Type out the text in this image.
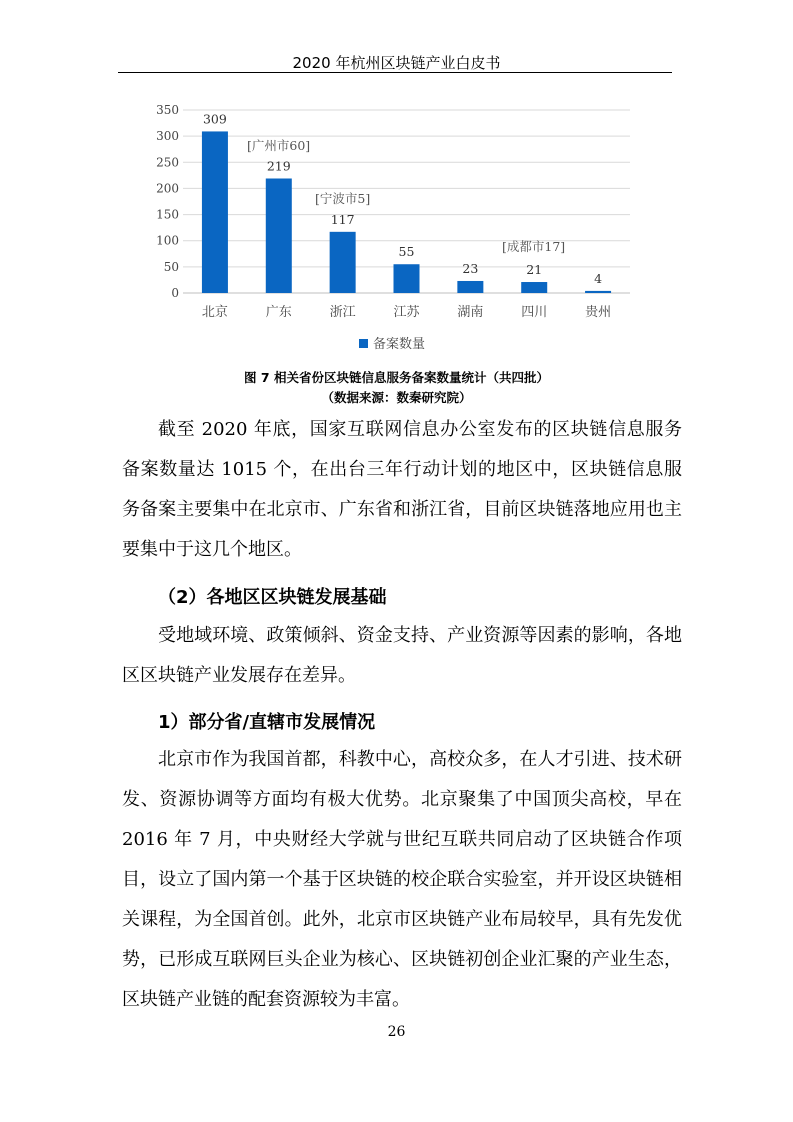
2020 年杭州区块链产业白皮书
0
50
100
150
200
250
300
350
309
北京
219
广东
117
浙江
55
江苏
23
湖南
21
四川
4
贵州
[广州市60]
[宁波市5]
[成都市17]
备案数量
图 7 相关省份区块链信息服务备案数量统计（共四批）
（数据来源：数秦研究院）

截至 2020 年底，国家互联网信息办公室发布的区块链信息服务备案数量达 1015 个，在出台三年行动计划的地区中，区块链信息服务备案主要集中在北京市、广东省和浙江省，目前区块链落地应用也主要集中于这几个地区。

（2）各地区区块链发展基础

受地域环境、政策倾斜、资金支持、产业资源等因素的影响，各地区区块链产业发展存在差异。

1）部分省/直辖市发展情况

北京市作为我国首都，科教中心，高校众多，在人才引进、技术研发、资源协调等方面均有极大优势。北京聚集了中国顶尖高校，早在 2016 年 7 月，中央财经大学就与世纪互联共同启动了区块链合作项目，设立了国内第一个基于区块链的校企联合实验室，并开设区块链相关课程，为全国首创。此外，北京市区块链产业布局较早，具有先发优势，已形成互联网巨头企业为核心、区块链初创企业汇聚的产业生态，区块链产业链的配套资源较为丰富。

26
